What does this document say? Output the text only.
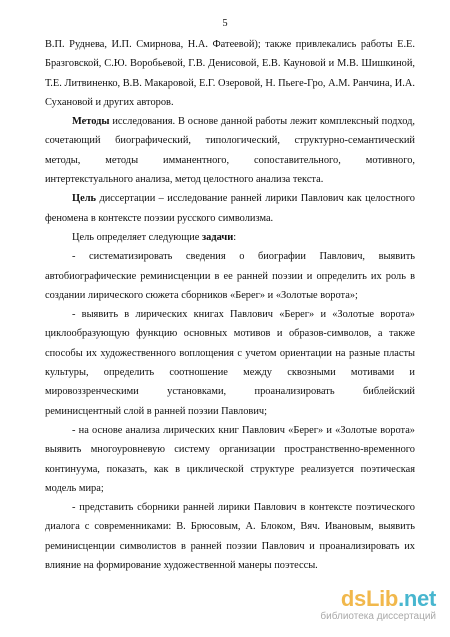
5

В.П. Руднева, И.П. Смирнова, Н.А. Фатеевой); также привлекались работы Е.Е. Бразговской, С.Ю. Воробьевой, Г.В. Денисовой, Е.В. Кауновой и М.В. Шишкиной, Т.Е. Литвиненко, В.В. Макаровой, Е.Г. Озеровой, Н. Пьеге-Гро, А.М. Ранчина, И.А. Сухановой и других авторов.

Методы исследования. В основе данной работы лежит комплексный подход, сочетающий биографический, типологический, структурно-семантический методы, методы имманентного, сопоставительного, мотивного, интертекстуального анализа, метод целостного анализа текста.

Цель диссертации – исследование ранней лирики Павлович как целостного феномена в контексте поэзии русского символизма.

Цель определяет следующие задачи:

- систематизировать сведения о биографии Павлович, выявить автобиографические реминисценции в ее ранней поэзии и определить их роль в создании лирического сюжета сборников «Берег» и «Золотые ворота»;

- выявить в лирических книгах Павлович «Берег» и «Золотые ворота» циклообразующую функцию основных мотивов и образов-символов, а также способы их художественного воплощения с учетом ориентации на разные пласты культуры, определить соотношение между сквозными мотивами и мировоззренческими установками, проанализировать библейский реминисцентный слой в ранней поэзии Павлович;

- на основе анализа лирических книг Павлович «Берег» и «Золотые ворота» выявить многоуровневую систему организации пространственно-временного континуума, показать, как в циклической структуре реализуется поэтическая модель мира;

- представить сборники ранней лирики Павлович в контексте поэтического диалога с современниками: В. Брюсовым, А. Блоком, Вяч. Ивановым, выявить реминисценции символистов в ранней поэзии Павлович и проанализировать их влияние на формирование художественной манеры поэтессы.

dsLib.net
библиотека диссертаций
